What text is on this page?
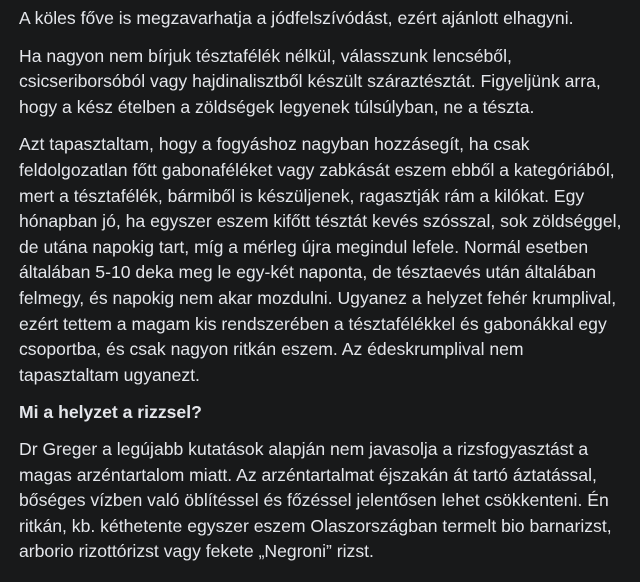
A köles főve is megzavarhatja a jódfelszívódást, ezért ajánlott elhagyni.

Ha nagyon nem bírjuk tésztafélék nélkül, válasszunk lencséből, csicseriborsóból vagy hajdinalisztből készült száraztésztát. Figyeljünk arra, hogy a kész ételben a zöldségek legyenek túlsúlyban, ne a tészta.

Azt tapasztaltam, hogy a fogyáshoz nagyban hozzásegít, ha csak feldolgozatlan főtt gabonaféléket vagy zabkását eszem ebből a kategóriából, mert a tésztafélék, bármiből is készüljenek, ragasztják rám a kilókat. Egy hónapban jó, ha egyszer eszem kifőtt tésztát kevés szósszal, sok zöldséggel, de utána napokig tart, míg a mérleg újra megindul lefele. Normál esetben általában 5-10 deka meg le egy-két naponta, de tésztaevés után általában felmegy, és napokig nem akar mozdulni. Ugyanez a helyzet fehér krumplival, ezért tettem a magam kis rendszerében a tésztafélékkel és gabonákkal egy csoportba, és csak nagyon ritkán eszem. Az édeskrumplival nem tapasztaltam ugyanezt.

Mi a helyzet a rizzsel?

Dr Greger a legújabb kutatások alapján nem javasolja a rizsfogyasztást a magas arzéntartalom miatt. Az arzéntartalmat éjszakán át tartó áztatással, bőséges vízben való öblítéssel és főzéssel jelentősen lehet csökkenteni. Én ritkán, kb. kéthetente egyszer eszem Olaszországban termelt bio barnarizst, arborio rizottórizst vagy fekete „Negroni” rizst.
